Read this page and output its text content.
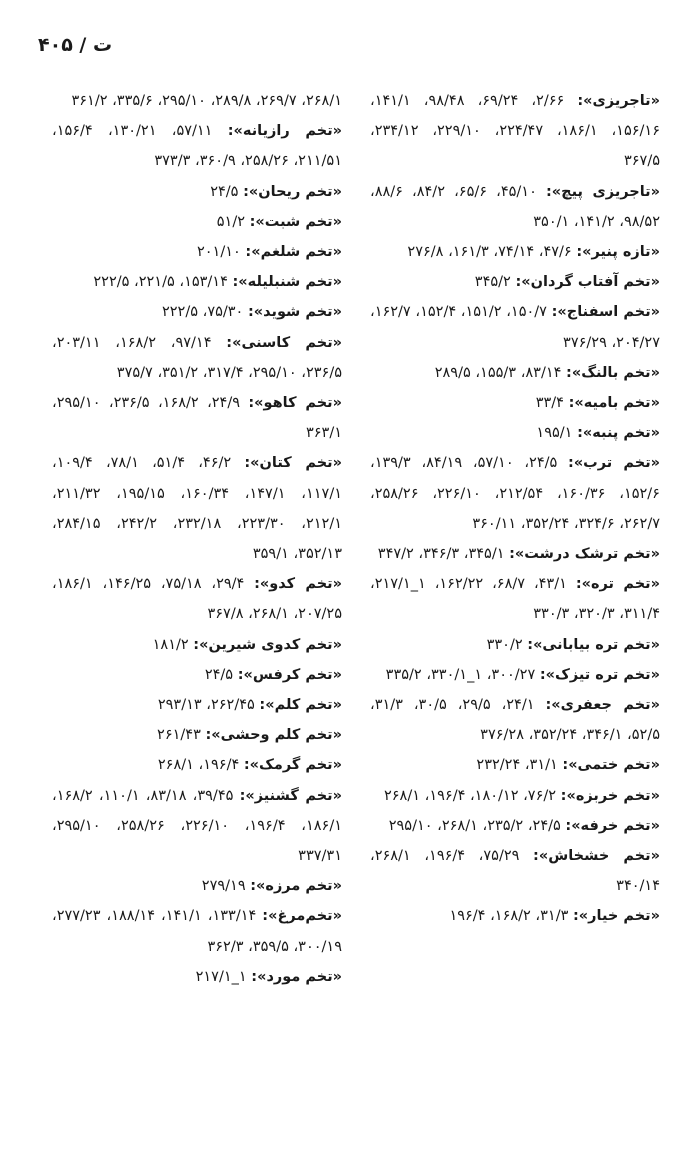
ت / ۴۰۵

«تاجریزی»: ۲/۶۶، ۶۹/۲۴، ۹۸/۴۸، ۱۴۱/۱، ۱۵۶/۱۶، ۱۸۶/۱، ۲۲۴/۴۷، ۲۲۹/۱۰، ۲۳۴/۱۲، ۳۶۷/۵

«تاجریزی پیچ»: ۴۵/۱۰، ۶۵/۶، ۸۴/۲، ۸۸/۶، ۹۸/۵۲، ۱۴۱/۲، ۳۵۰/۱

«تازه پنیر»: ۴۷/۶، ۷۴/۱۴، ۱۶۱/۳، ۲۷۶/۸

«تخم آفتاب گردان»: ۳۴۵/۲

«تخم اسفناج»: ۱۵۰/۷، ۱۵۱/۲، ۱۵۲/۴، ۱۶۲/۷، ۲۰۴/۲۷، ۳۷۶/۲۹

«تخم بالنگ»: ۸۳/۱۴، ۱۵۵/۳، ۲۸۹/۵

«تخم بامیه»: ۳۳/۴

«تخم پنبه»: ۱۹۵/۱

«تخم ترب»: ۲۴/۵، ۵۷/۱۰، ۸۴/۱۹، ۱۳۹/۳، ۱۵۲/۶، ۱۶۰/۳۶، ۲۱۲/۵۴، ۲۲۶/۱۰، ۲۵۸/۲۶، ۲۶۲/۷، ۳۲۴/۶، ۳۵۲/۲۴، ۳۶۰/۱۱

«تخم ترشک درشت»: ۳۴۵/۱، ۳۴۶/۳، ۳۴۷/۲

«تخم تره»: ۴۳/۱، ۶۸/۷، ۱۶۲/۲۲، ۱_۲۱۷/۱، ۳۱۱/۴، ۳۲۰/۳، ۳۳۰/۳

«تخم تره بیابانی»: ۳۳۰/۲

«تخم تره تیزک»: ۳۰۰/۲۷، ۱_۳۳۰/۱، ۳۳۵/۲

«تخم جعفری»: ۲۴/۱، ۲۹/۵، ۳۰/۵، ۳۱/۳، ۵۲/۵، ۳۴۶/۱، ۳۵۲/۲۴، ۳۷۶/۲۸

«تخم ختمی»: ۳۱/۱، ۲۳۲/۲۴

«تخم خربزه»: ۷۶/۲، ۱۸۰/۱۲، ۱۹۶/۴، ۲۶۸/۱

«تخم خرفه»: ۲۴/۵، ۲۳۵/۲، ۲۶۸/۱، ۲۹۵/۱۰

«تخم خشخاش»: ۷۵/۲۹، ۱۹۶/۴، ۲۶۸/۱، ۳۴۰/۱۴

«تخم خیار»: ۳۱/۳، ۱۶۸/۲، ۱۹۶/۴

۲۶۸/۱، ۲۶۹/۷، ۲۸۹/۸، ۲۹۵/۱۰، ۳۳۵/۶، ۳۶۱/۲

«تخم رازیانه»: ۵۷/۱۱، ۱۳۰/۲۱، ۱۵۶/۴، ۲۱۱/۵۱، ۲۵۸/۲۶، ۳۶۰/۹، ۳۷۳/۳

«تخم ریحان»: ۲۴/۵

«تخم شبت»: ۵۱/۲

«تخم شلغم»: ۲۰۱/۱۰

«تخم شنبلیله»: ۱۵۳/۱۴، ۲۲۱/۵، ۲۲۲/۵

«تخم شوید»: ۷۵/۳۰، ۲۲۲/۵

«تخم کاسنی»: ۹۷/۱۴، ۱۶۸/۲، ۲۰۳/۱۱، ۲۳۶/۵، ۲۹۵/۱۰، ۳۱۷/۴، ۳۵۱/۲، ۳۷۵/۷

«تخم کاهو»: ۲۴/۹، ۱۶۸/۲، ۲۳۶/۵، ۲۹۵/۱۰، ۳۶۳/۱

«تخم کتان»: ۴۶/۲، ۵۱/۴، ۷۸/۱، ۱۰۹/۴، ۱۱۷/۱، ۱۴۷/۱، ۱۶۰/۳۴، ۱۹۵/۱۵، ۲۱۱/۳۲، ۲۱۲/۱، ۲۲۳/۳۰، ۲۳۲/۱۸، ۲۴۲/۲، ۲۸۴/۱۵، ۳۵۲/۱۳، ۳۵۹/۱

«تخم کدو»: ۲۹/۴، ۷۵/۱۸، ۱۴۶/۲۵، ۱۸۶/۱، ۲۰۷/۲۵، ۲۶۸/۱، ۳۶۷/۸

«تخم کدوی شیرین»: ۱۸۱/۲

«تخم کرفس»: ۲۴/۵

«تخم کلم»: ۲۶۲/۴۵، ۲۹۳/۱۳

«تخم کلم وحشی»: ۲۶۱/۴۳

«تخم گرمک»: ۱۹۶/۴، ۲۶۸/۱

«تخم گشنیز»: ۳۹/۴۵، ۸۳/۱۸، ۱۱۰/۱، ۱۶۸/۲، ۱۸۶/۱، ۱۹۶/۴، ۲۲۶/۱۰، ۲۵۸/۲۶، ۲۹۵/۱۰، ۳۳۷/۳۱

«تخم مرزه»: ۲۷۹/۱۹

«تخم‌مرغ»: ۱۳۳/۱۴، ۱۴۱/۱، ۱۸۸/۱۴، ۲۷۷/۲۳، ۳۰۰/۱۹، ۳۵۹/۵، ۳۶۲/۳

«تخم مورد»: ۱_۲۱۷/۱
